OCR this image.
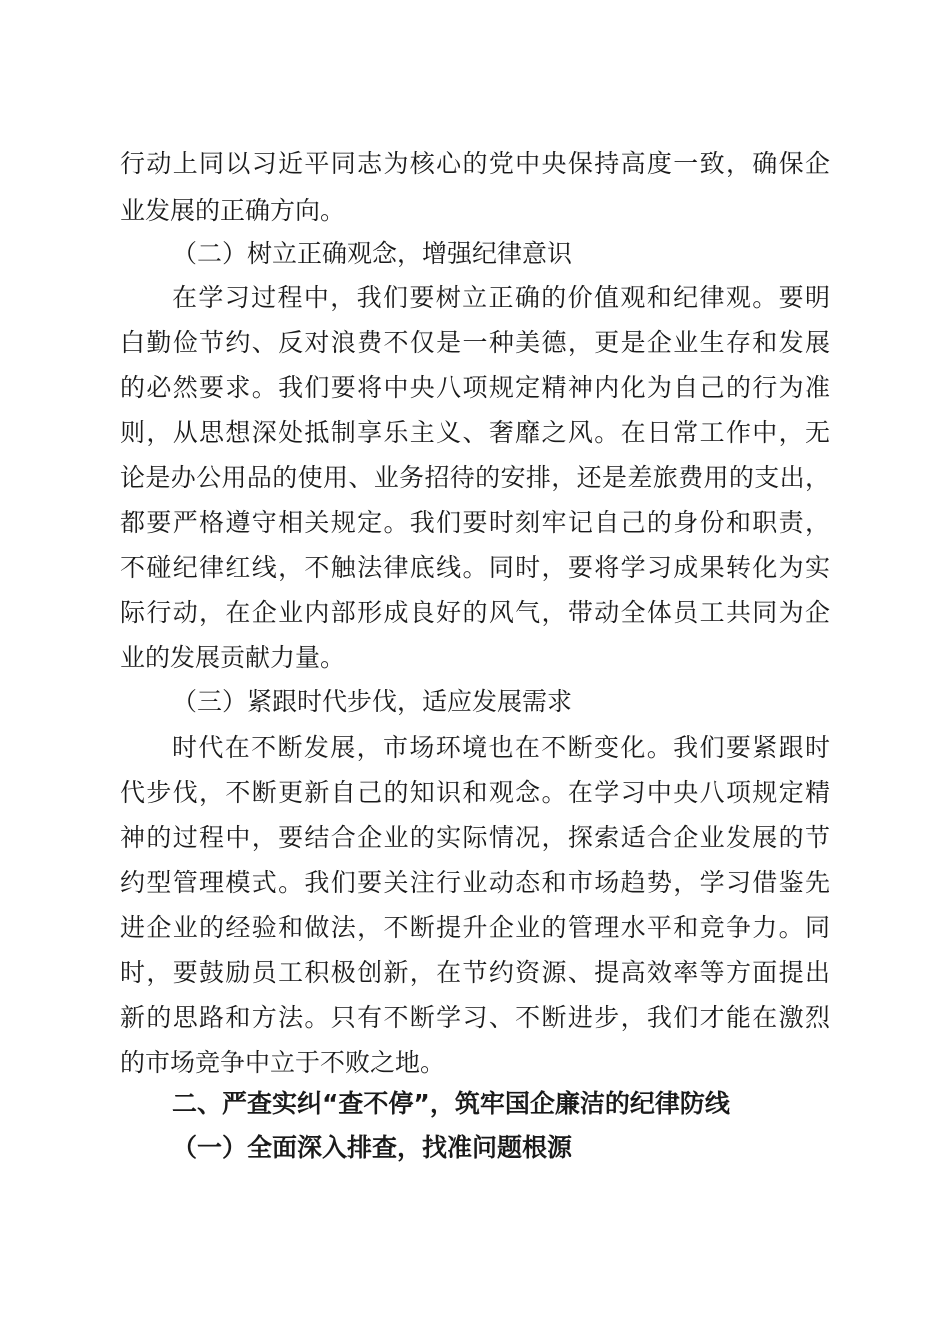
行动上同以习近平同志为核心的党中央保持高度一致，确保企
业发展的正确方向。
（二）树立正确观念，增强纪律意识
在学习过程中，我们要树立正确的价值观和纪律观。要明
白勤俭节约、反对浪费不仅是一种美德，更是企业生存和发展
的必然要求。我们要将中央八项规定精神内化为自己的行为准
则，从思想深处抵制享乐主义、奢靡之风。在日常工作中，无
论是办公用品的使用、业务招待的安排，还是差旅费用的支出，
都要严格遵守相关规定。我们要时刻牢记自己的身份和职责，
不碰纪律红线，不触法律底线。同时，要将学习成果转化为实
际行动，在企业内部形成良好的风气，带动全体员工共同为企
业的发展贡献力量。
（三）紧跟时代步伐，适应发展需求
时代在不断发展，市场环境也在不断变化。我们要紧跟时
代步伐，不断更新自己的知识和观念。在学习中央八项规定精
神的过程中，要结合企业的实际情况，探索适合企业发展的节
约型管理模式。我们要关注行业动态和市场趋势，学习借鉴先
进企业的经验和做法，不断提升企业的管理水平和竞争力。同
时，要鼓励员工积极创新，在节约资源、提高效率等方面提出
新的思路和方法。只有不断学习、不断进步，我们才能在激烈
的市场竞争中立于不败之地。
二、严查实纠“查不停”，筑牢国企廉洁的纪律防线
（一）全面深入排查，找准问题根源
